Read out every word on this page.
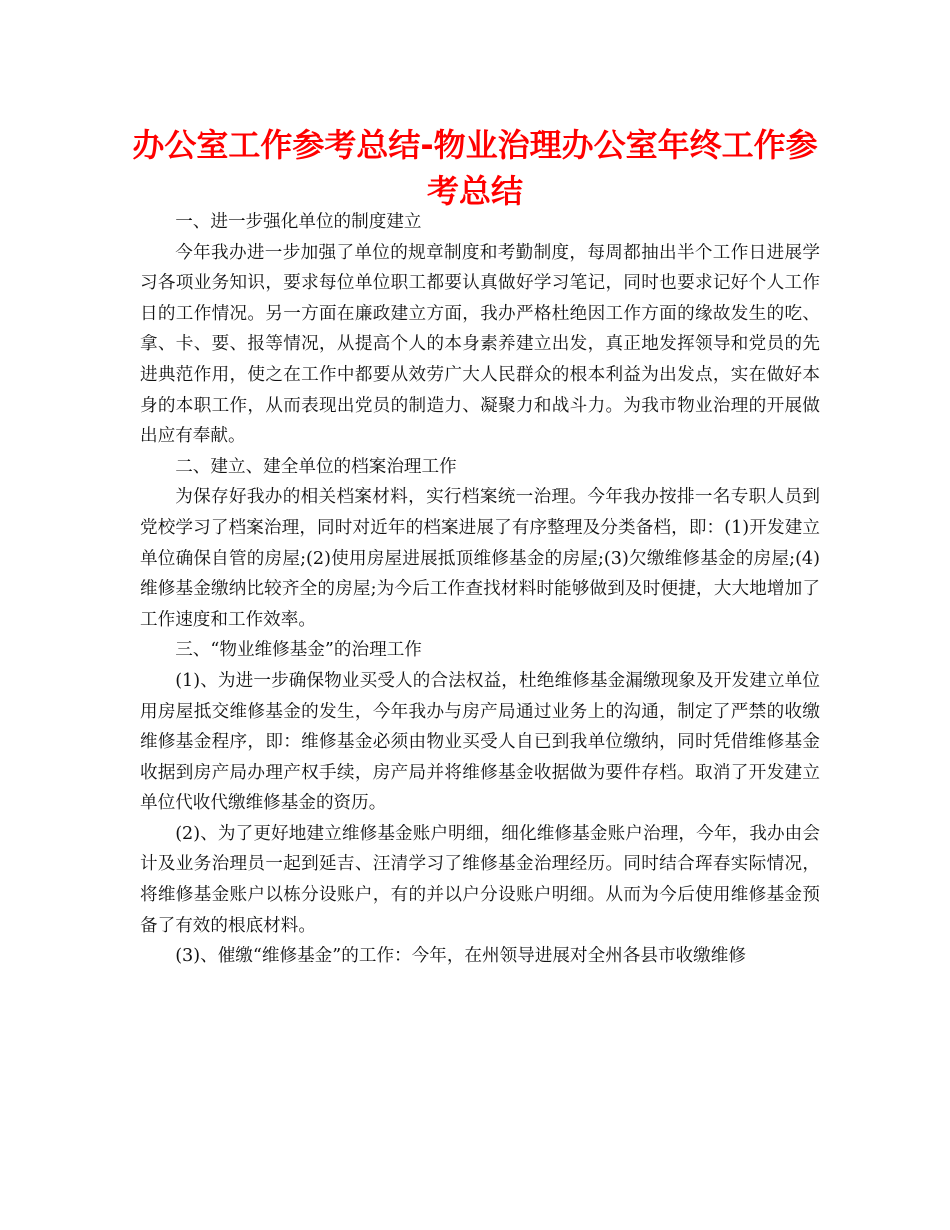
办公室工作参考总结-物业治理办公室年终工作参考总结

一、进一步强化单位的制度建立

今年我办进一步加强了单位的规章制度和考勤制度，每周都抽出半个工作日进展学习各项业务知识，要求每位单位职工都要认真做好学习笔记，同时也要求记好个人工作日的工作情况。另一方面在廉政建立方面，我办严格杜绝因工作方面的缘故发生的吃、拿、卡、要、报等情况，从提高个人的本身素养建立出发，真正地发挥领导和党员的先进典范作用，使之在工作中都要从效劳广大人民群众的根本利益为出发点，实在做好本身的本职工作，从而表现出党员的制造力、凝聚力和战斗力。为我市物业治理的开展做出应有奉献。

二、建立、建全单位的档案治理工作

为保存好我办的相关档案材料，实行档案统一治理。今年我办按排一名专职人员到党校学习了档案治理，同时对近年的档案进展了有序整理及分类备档，即：(1)开发建立单位确保自管的房屋;(2)使用房屋进展抵顶维修基金的房屋;(3)欠缴维修基金的房屋;(4)维修基金缴纳比较齐全的房屋;为今后工作查找材料时能够做到及时便捷，大大地增加了工作速度和工作效率。

三、“物业维修基金”的治理工作

(1)、为进一步确保物业买受人的合法权益，杜绝维修基金漏缴现象及开发建立单位用房屋抵交维修基金的发生，今年我办与房产局通过业务上的沟通，制定了严禁的收缴维修基金程序，即：维修基金必须由物业买受人自已到我单位缴纳，同时凭借维修基金收据到房产局办理产权手续，房产局并将维修基金收据做为要件存档。取消了开发建立单位代收代缴维修基金的资历。

(2)、为了更好地建立维修基金账户明细，细化维修基金账户治理，今年，我办由会计及业务治理员一起到延吉、汪清学习了维修基金治理经历。同时结合珲春实际情况，将维修基金账户以栋分设账户，有的并以户分设账户明细。从而为今后使用维修基金预备了有效的根底材料。

(3)、催缴“维修基金”的工作：今年，在州领导进展对全州各县市收缴维修
